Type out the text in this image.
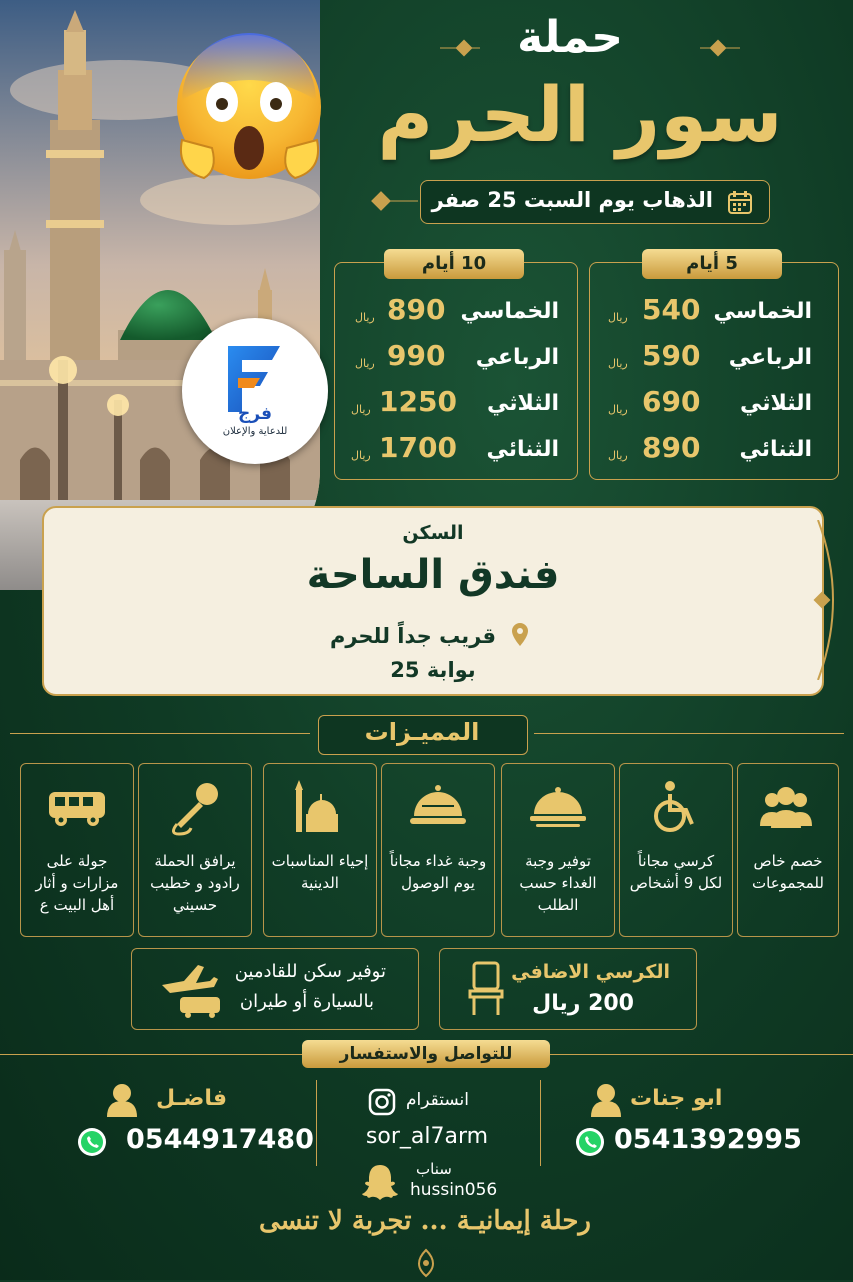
حملة
سور الحرم
الذهاب يوم السبت 25 صفر
الخماسي
540
ريال
الرباعي
590
ريال
الثلاثي
690
ريال
الثنائي
890
ريال
5 أيام
الخماسي
890
ريال
الرباعي
990
ريال
الثلاثي
1250
ريال
الثنائي
1700
ريال
10 أيام
فرج
للدعاية والإعلان
السكن
فندق الساحة
قريب جداً للحرم
بوابة 25
المميـزات
خصم خاص للمجموعات
كرسي مجاناً لكل 9 أشخاص
توفير وجبة الغداء حسب الطلب
وجبة غداء مجاناً يوم الوصول
إحياء المناسبات الدينية
يرافق الحملة رادود و خطيب حسيني
جولة على مزارات و أثار أهل البيت ع
الكرسي الاضافي
200 ريال
توفير سكن للقادمين
بالسيارة أو طيران
للتواصل والاستفسار
ابو جنات
0541392995
انستقرام
sor_al7arm
سناب
hussin056
فاضـل
0544917480
رحلة إيمانيـة ... تجربة لا تنسى
